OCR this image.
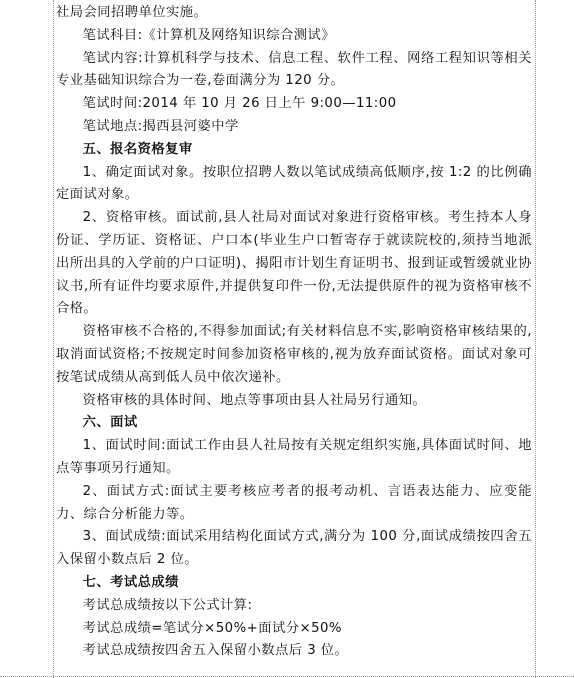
社局会同招聘单位实施。

笔试科目:《计算机及网络知识综合测试》

笔试内容:计算机科学与技术、信息工程、软件工程、网络工程知识等相关专业基础知识综合为一卷,卷面满分为 120 分。

笔试时间:2014 年 10 月 26 日上午 9:00—11:00

笔试地点:揭西县河婆中学

五、报名资格复审

1、确定面试对象。按职位招聘人数以笔试成绩高低顺序,按 1:2 的比例确定面试对象。

2、资格审核。面试前,县人社局对面试对象进行资格审核。考生持本人身份证、学历证、资格证、户口本(毕业生户口暂寄存于就读院校的,须持当地派出所出具的入学前的户口证明)、揭阳市计划生育证明书、报到证或暂缓就业协议书,所有证件均要求原件,并提供复印件一份,无法提供原件的视为资格审核不合格。

资格审核不合格的,不得参加面试;有关材料信息不实,影响资格审核结果的,取消面试资格;不按规定时间参加资格审核的,视为放弃面试资格。面试对象可按笔试成绩从高到低人员中依次递补。

资格审核的具体时间、地点等事项由县人社局另行通知。

六、面试

1、面试时间:面试工作由县人社局按有关规定组织实施,具体面试时间、地点等事项另行通知。

2、面试方式:面试主要考核应考者的报考动机、言语表达能力、应变能力、综合分析能力等。

3、面试成绩:面试采用结构化面试方式,满分为 100 分,面试成绩按四舍五入保留小数点后 2 位。

七、考试总成绩

考试总成绩按以下公式计算:

考试总成绩=笔试分×50%+面试分×50%

考试总成绩按四舍五入保留小数点后 3 位。
